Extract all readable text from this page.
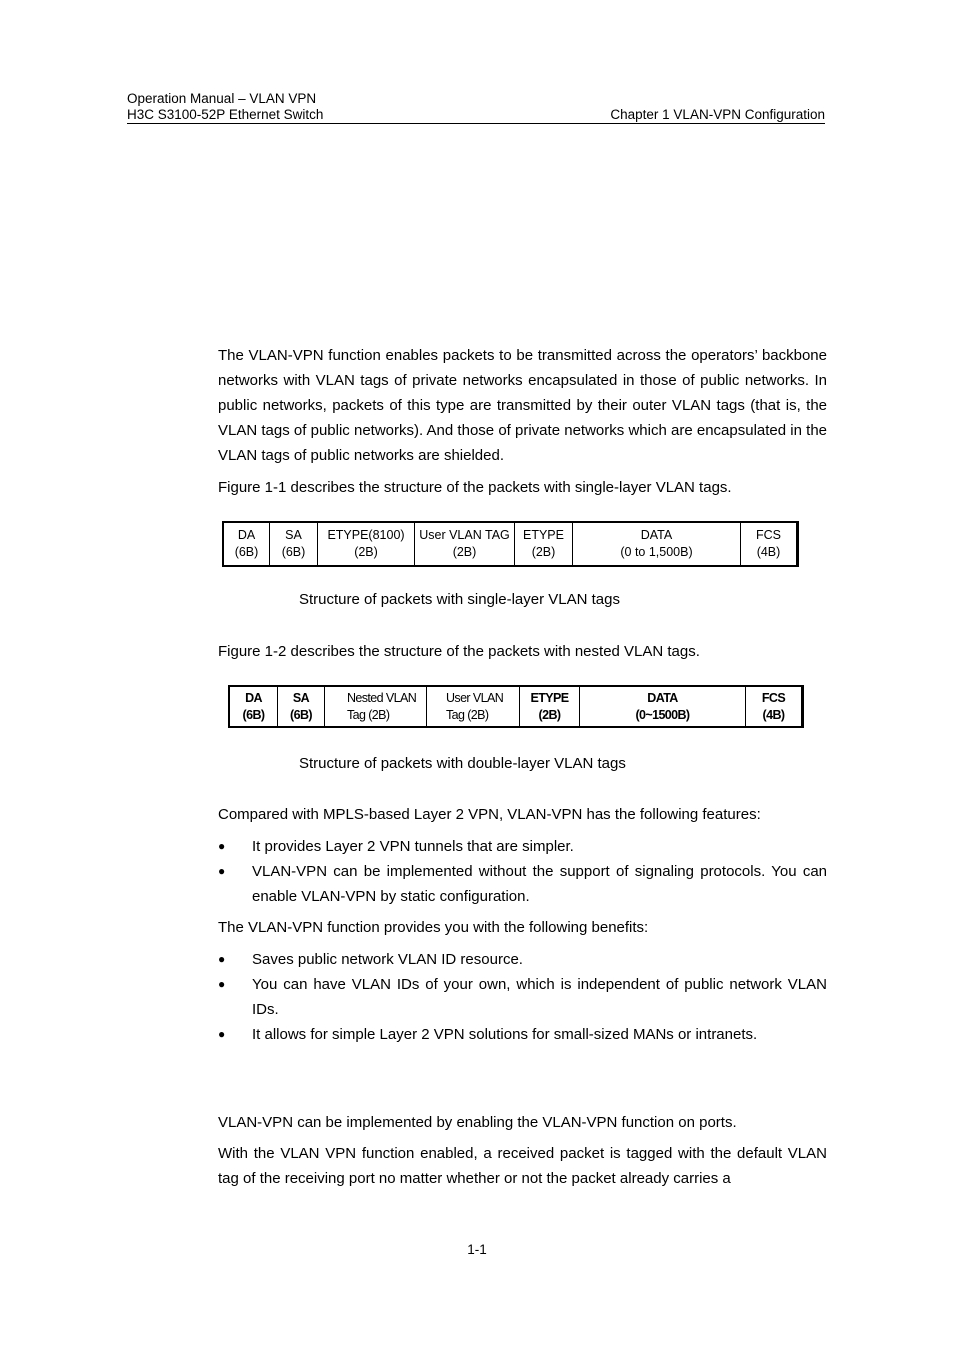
Operation Manual – VLAN VPN
H3C S3100-52P Ethernet Switch	Chapter 1 VLAN-VPN Configuration
The VLAN-VPN function enables packets to be transmitted across the operators’ backbone networks with VLAN tags of private networks encapsulated in those of public networks. In public networks, packets of this type are transmitted by their outer VLAN tags (that is, the VLAN tags of public networks). And those of private networks which are encapsulated in the VLAN tags of public networks are shielded.
Figure 1-1 describes the structure of the packets with single-layer VLAN tags.
DA
(6B)
SA
(6B)
ETYPE(8100)
(2B)
User VLAN TAG
(2B)
ETYPE
(2B)
DATA
(0 to 1,500B)
FCS
(4B)
Structure of packets with single-layer VLAN tags
Figure 1-2 describes the structure of the packets with nested VLAN tags.
DA
(6B)
SA
(6B)
Nested VLAN
Tag (2B)
User VLAN
Tag (2B)
ETYPE
(2B)
DATA
(0~1500B)
FCS
(4B)
Structure of packets with double-layer VLAN tags
Compared with MPLS-based Layer 2 VPN, VLAN-VPN has the following features:
● It provides Layer 2 VPN tunnels that are simpler.
● VLAN-VPN can be implemented without the support of signaling protocols. You can enable VLAN-VPN by static configuration.
The VLAN-VPN function provides you with the following benefits:
● Saves public network VLAN ID resource.
● You can have VLAN IDs of your own, which is independent of public network VLAN IDs.
● It allows for simple Layer 2 VPN solutions for small-sized MANs or intranets.
VLAN-VPN can be implemented by enabling the VLAN-VPN function on ports.
With the VLAN VPN function enabled, a received packet is tagged with the default VLAN tag of the receiving port no matter whether or not the packet already carries a
1-1
